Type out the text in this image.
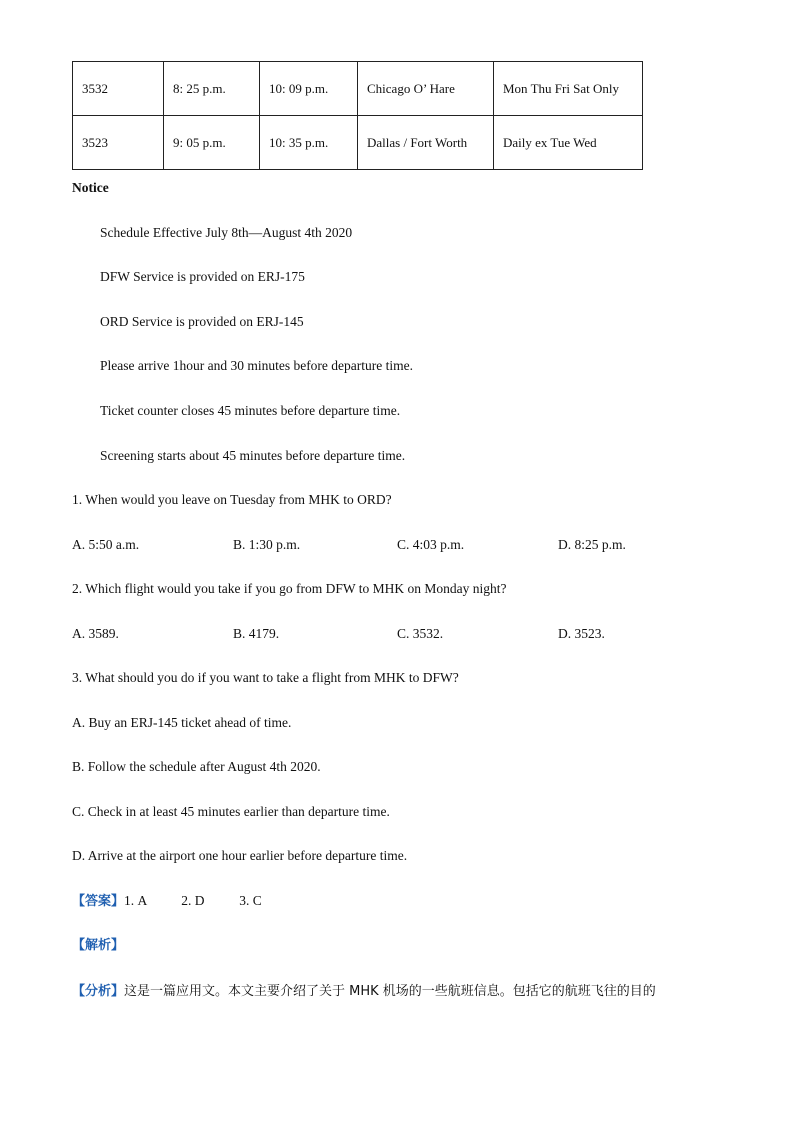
3532	8: 25 p.m.	10: 09 p.m.	Chicago O’ Hare	Mon Thu Fri Sat Only
3523	9: 05 p.m.	10: 35 p.m.	Dallas / Fort Worth	Daily ex Tue Wed
Notice
Schedule Effective July 8th—August 4th 2020
DFW Service is provided on ERJ-175
ORD Service is provided on ERJ-145
Please arrive 1hour and 30 minutes before departure time.
Ticket counter closes 45 minutes before departure time.
Screening starts about 45 minutes before departure time.
1. When would you leave on Tuesday from MHK to ORD?
A. 5:50 a.m.	B. 1:30 p.m.	C. 4:03 p.m.	D. 8:25 p.m.
2. Which flight would you take if you go from DFW to MHK on Monday night?
A. 3589.	B. 4179.	C. 3532.	D. 3523.
3. What should you do if you want to take a flight from MHK to DFW?
A. Buy an ERJ-145 ticket ahead of time.
B. Follow the schedule after August 4th 2020.
C. Check in at least 45 minutes earlier than departure time.
D. Arrive at the airport one hour earlier before departure time.
【答案】1. A	2. D	3. C
【解析】
【分析】这是一篇应用文。本文主要介绍了关于 MHK 机场的一些航班信息。包括它的航班飞往的目的
